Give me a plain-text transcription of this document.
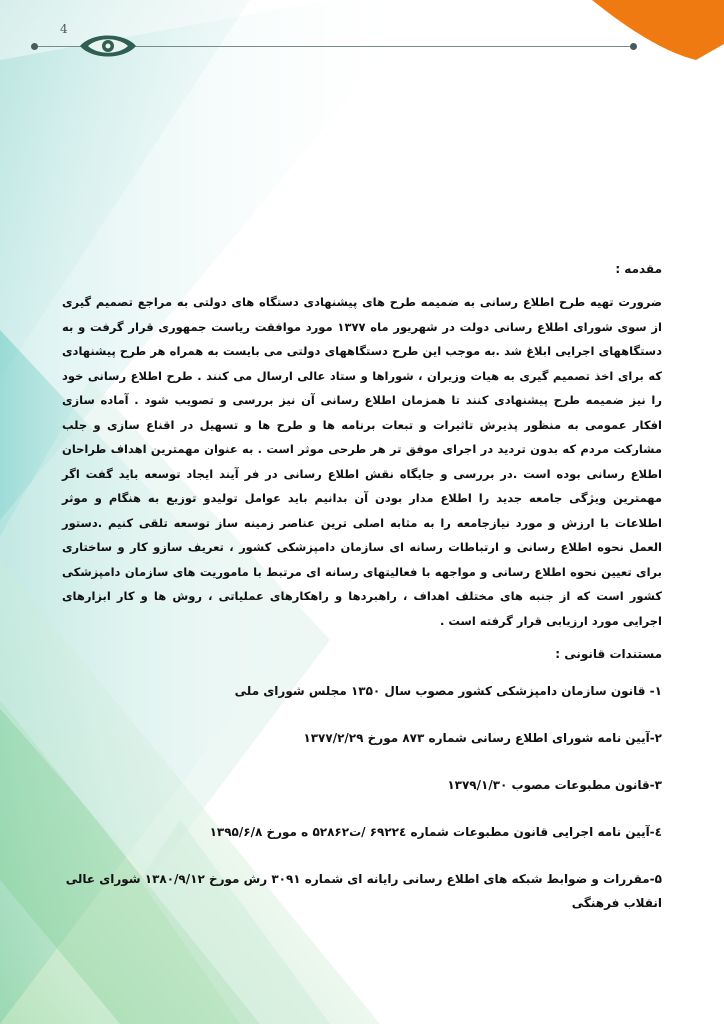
4
مقدمه :

ضرورت تهیه طرح اطلاع رسانی به ضمیمه طرح های پیشنهادی دستگاه های دولتی به مراجع تصمیم گیری از سوی شورای اطلاع رسانی دولت در شهریور ماه ۱۳۷۷ مورد موافقت ریاست جمهوری قرار گرفت و به دستگاههای اجرایی ابلاغ شد .به موجب این طرح دستگاههای دولتی می بایست به همراه هر طرح پیشنهادی که برای اخذ تصمیم گیری به هیات وزیران ، شوراها و ستاد عالی ارسال می کنند . طرح اطلاع رسانی خود را نیز ضمیمه طرح پیشنهادی کنند تا همزمان اطلاع رسانی آن نیز بررسی و تصویب شود . آماده سازی افکار عمومی به منظور پذیرش تاثیرات و تبعات برنامه ها و طرح ها و تسهیل در اقناع سازی و جلب مشارکت مردم که بدون تردید در اجرای موفق تر هر طرحی موثر است . به عنوان مهمترین اهداف طراحان اطلاع رسانی بوده است .در بررسی و جایگاه نقش اطلاع رسانی در فر آیند ایجاد توسعه باید گفت اگر مهمترین ویژگی جامعه جدید را اطلاع مدار بودن آن بدانیم باید عوامل تولیدو توزیع به هنگام و موثر اطلاعات با ارزش و مورد نیازجامعه را به مثابه اصلی ترین عناصر زمینه ساز توسعه تلقی کنیم .دستور العمل نحوه اطلاع رسانی و ارتباطات رسانه ای سازمان دامپزشکی کشور ، تعریف سازو کار و ساختاری برای تعیین نحوه اطلاع رسانی و مواجهه با فعالیتهای رسانه ای مرتبط با ماموریت های سازمان دامپزشکی کشور است که از جنبه های مختلف اهداف ، راهبردها و راهکارهای عملیاتی ، روش ها و کار ابزارهای اجرایی مورد ارزیابی قرار گرفته است .

مستندات قانونی :
۱- قانون سازمان دامپزشکی کشور مصوب سال ۱۳۵۰ مجلس شورای ملی
۲-آیین نامه شورای اطلاع رسانی شماره ۸۷۳ مورخ ۱۳۷۷/۲/۲۹
۳-قانون مطبوعات مصوب ۱۳۷۹/۱/۳۰
٤-آیین نامه اجرایی قانون مطبوعات شماره ۶۹۲۲٤ /ت۵۲۸۶۲ ه مورخ ۱۳۹۵/۶/۸
۵-مقررات و ضوابط شبکه های اطلاع رسانی رایانه ای شماره ۳۰۹۱ رش مورخ ۱۳۸۰/۹/۱۲ شورای عالی انقلاب فرهنگی
